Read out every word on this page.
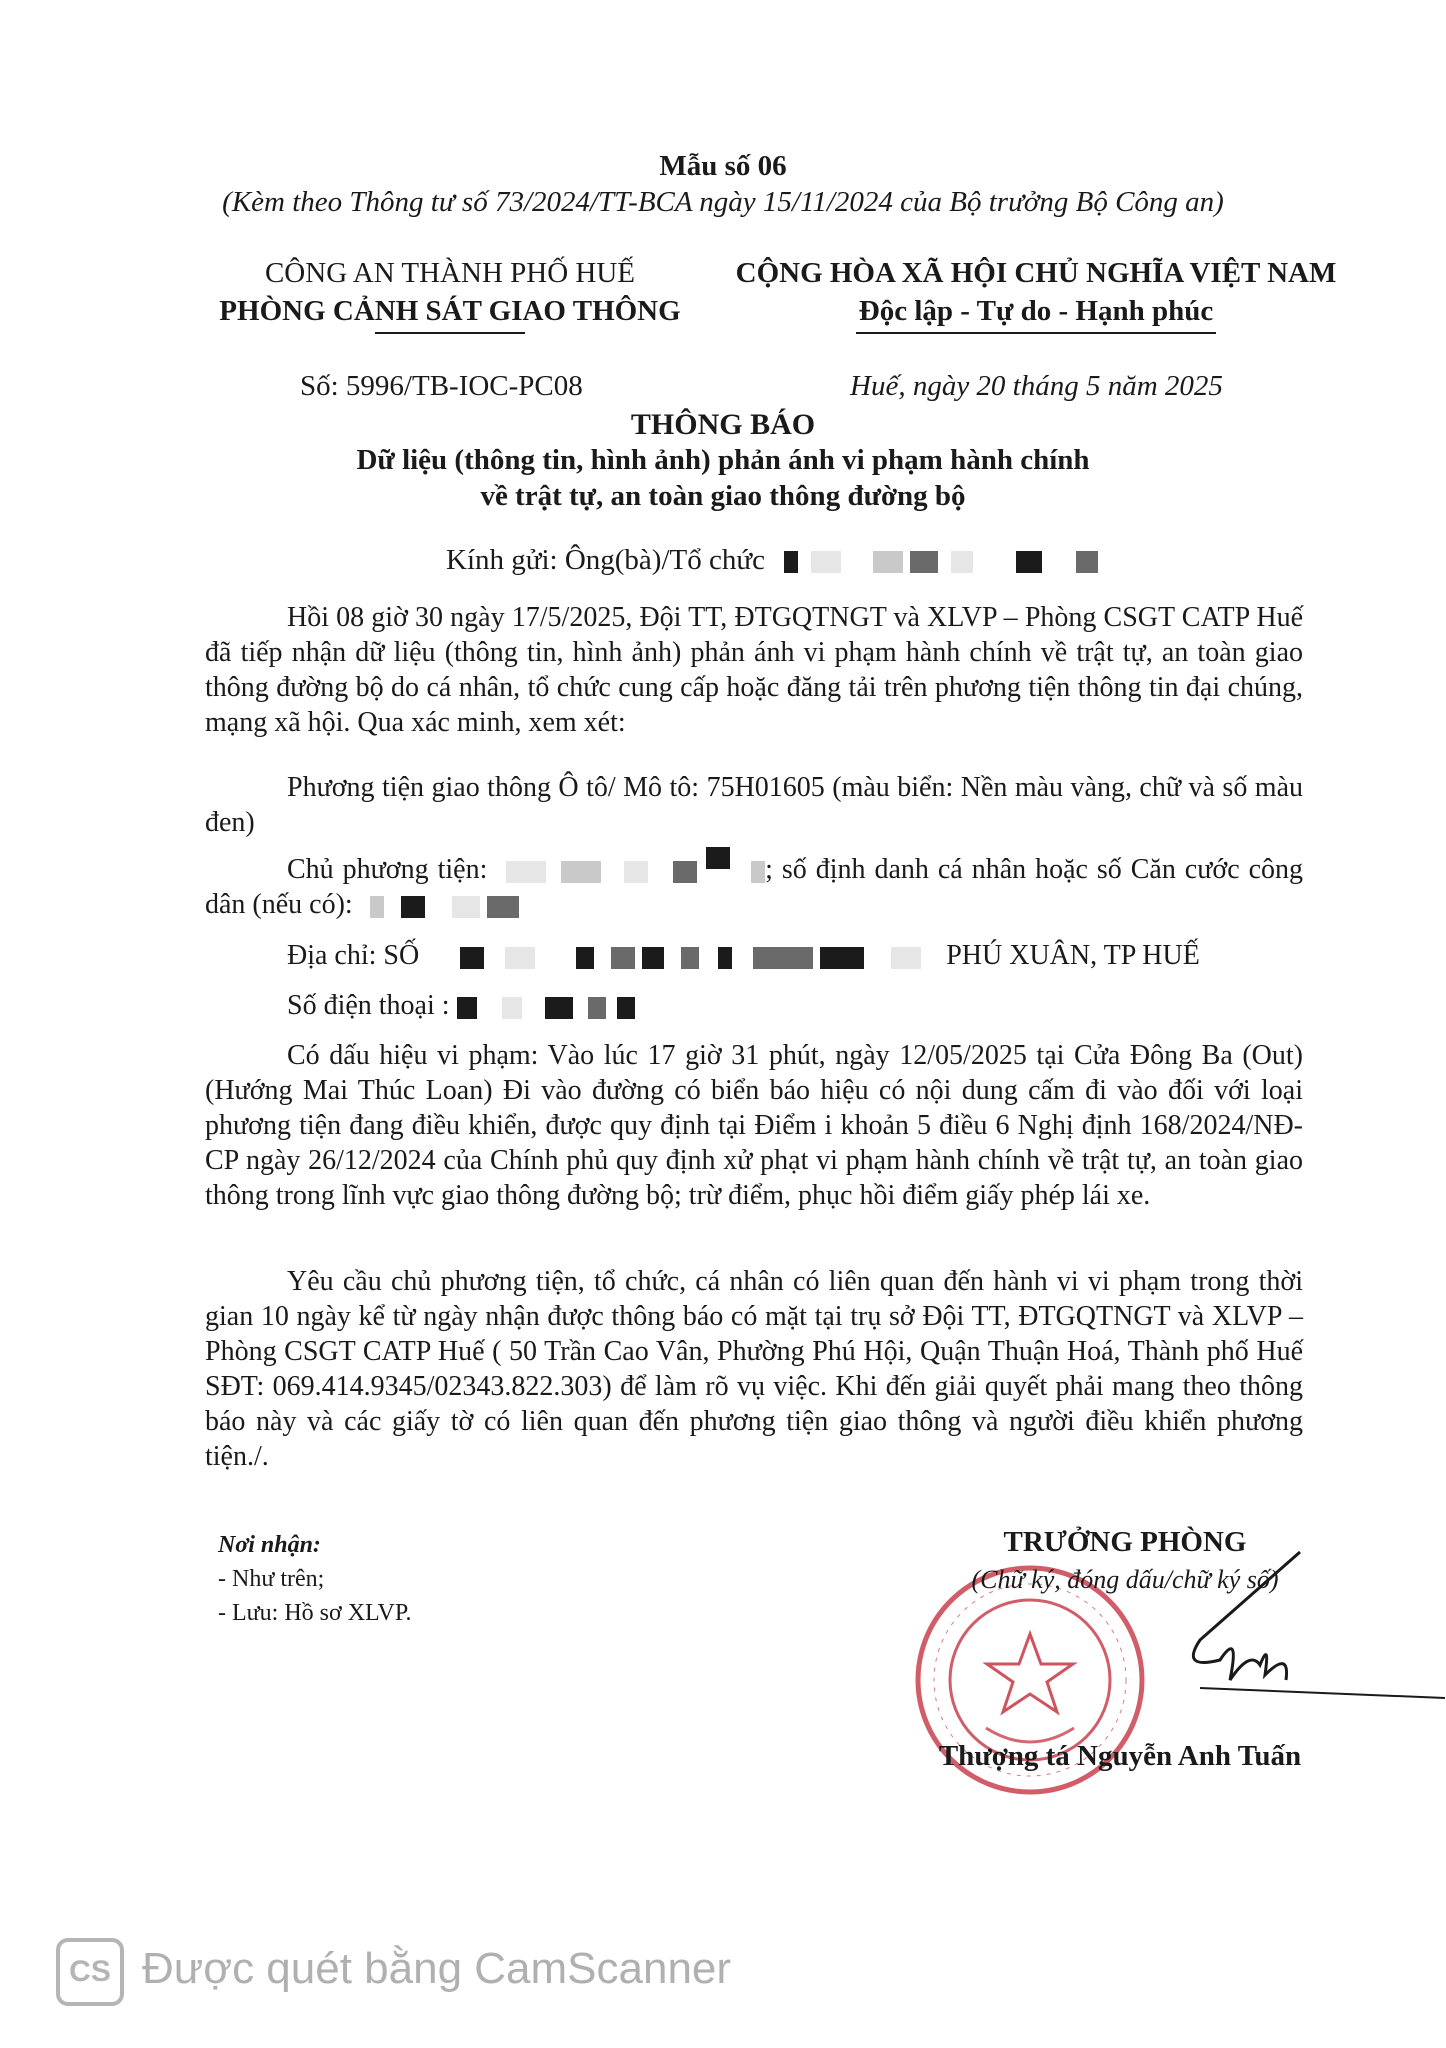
Mẫu số 06
(Kèm theo Thông tư số 73/2024/TT-BCA ngày 15/11/2024 của Bộ trưởng Bộ Công an)
CÔNG AN THÀNH PHỐ HUẾ
PHÒNG CẢNH SÁT GIAO THÔNG
CỘNG HÒA XÃ HỘI CHỦ NGHĨA VIỆT NAM
Độc lập - Tự do - Hạnh phúc
Số: 5996/TB-IOC-PC08	Huế, ngày 20 tháng 5 năm 2025
THÔNG BÁO
Dữ liệu (thông tin, hình ảnh) phản ánh vi phạm hành chính
về trật tự, an toàn giao thông đường bộ
Kính gửi: Ông(bà)/Tổ chức

Hồi 08 giờ 30 ngày 17/5/2025, Đội TT, ĐTGQTNGT và XLVP – Phòng CSGT CATP Huế đã tiếp nhận dữ liệu (thông tin, hình ảnh) phản ánh vi phạm hành chính về trật tự, an toàn giao thông đường bộ do cá nhân, tổ chức cung cấp hoặc đăng tải trên phương tiện thông tin đại chúng, mạng xã hội. Qua xác minh, xem xét:

Phương tiện giao thông Ô tô/ Mô tô: 75H01605 (màu biển: Nền màu vàng, chữ và số màu đen)

Chủ phương tiện:	; số định danh cá nhân hoặc số Căn cước công dân (nếu có):

Địa chỉ: SỐ	PHÚ XUÂN, TP HUẾ

Số điện thoại :

Có dấu hiệu vi phạm: Vào lúc 17 giờ 31 phút, ngày 12/05/2025 tại Cửa Đông Ba (Out) (Hướng Mai Thúc Loan) Đi vào đường có biển báo hiệu có nội dung cấm đi vào đối với loại phương tiện đang điều khiển, được quy định tại Điểm i khoản 5 điều 6 Nghị định 168/2024/NĐ-CP ngày 26/12/2024 của Chính phủ quy định xử phạt vi phạm hành chính về trật tự, an toàn giao thông trong lĩnh vực giao thông đường bộ; trừ điểm, phục hồi điểm giấy phép lái xe.

Yêu cầu chủ phương tiện, tổ chức, cá nhân có liên quan đến hành vi vi phạm trong thời gian 10 ngày kể từ ngày nhận được thông báo có mặt tại trụ sở Đội TT, ĐTGQTNGT và XLVP – Phòng CSGT CATP Huế ( 50 Trần Cao Vân, Phường Phú Hội, Quận Thuận Hoá, Thành phố Huế SĐT: 069.414.9345/02343.822.303) để làm rõ vụ việc. Khi đến giải quyết phải mang theo thông báo này và các giấy tờ có liên quan đến phương tiện giao thông và người điều khiển phương tiện./.

Nơi nhận:
- Như trên;
- Lưu: Hồ sơ XLVP.
TRƯỞNG PHÒNG
(Chữ ký, đóng dấu/chữ ký số)
Thượng tá Nguyễn Anh Tuấn
CS Được quét bằng CamScanner
